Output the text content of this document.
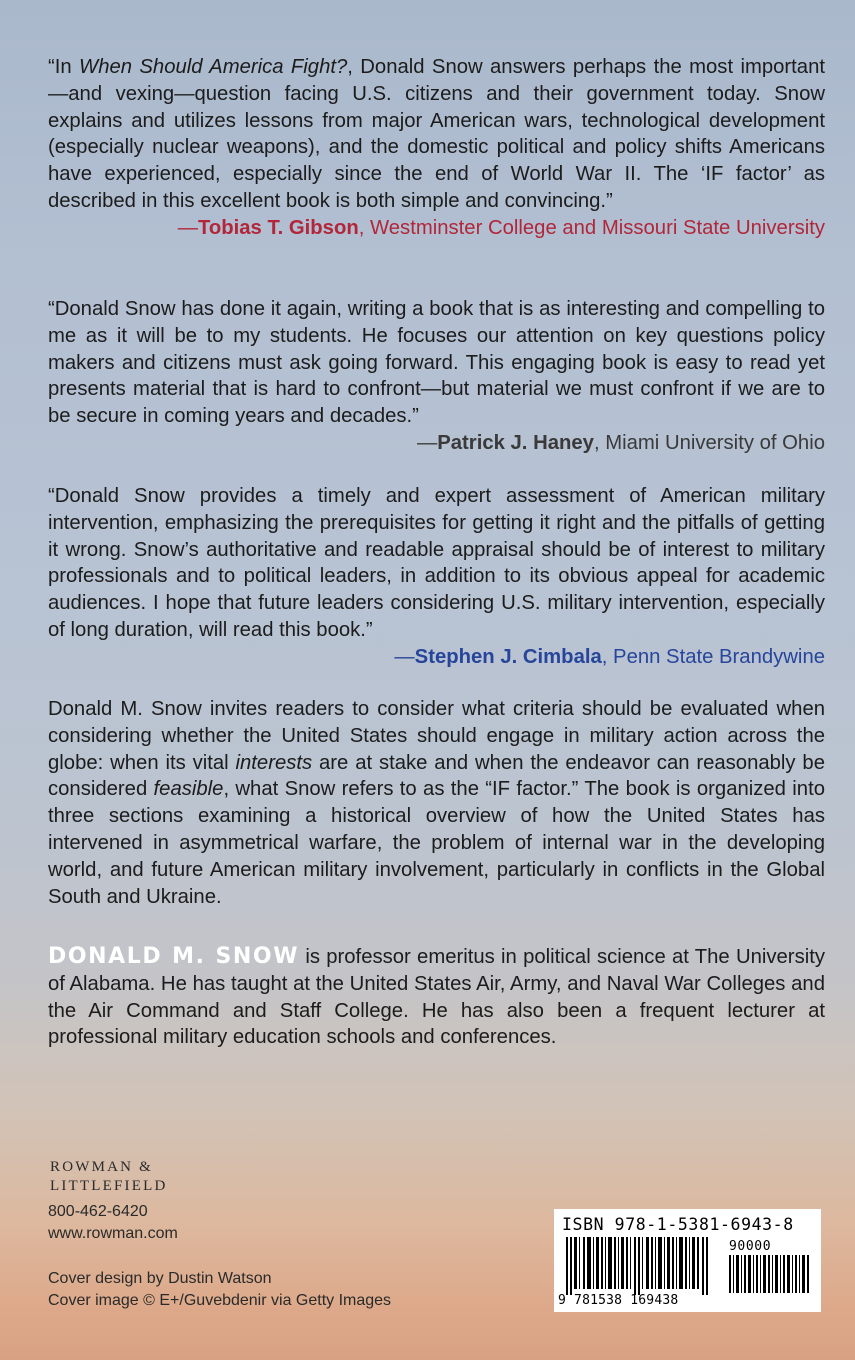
“In When Should America Fight?, Donald Snow answers perhaps the most important—and vexing—question facing U.S. citizens and their government today. Snow explains and utilizes lessons from major American wars, technological development (especially nuclear weapons), and the domestic political and policy shifts Americans have experienced, especially since the end of World War II. The ‘IF factor’ as described in this excellent book is both simple and convincing.”

—Tobias T. Gibson, Westminster College and Missouri State University

“Donald Snow has done it again, writing a book that is as interesting and compelling to me as it will be to my students. He focuses our attention on key questions policy makers and citizens must ask going forward. This engaging book is easy to read yet presents material that is hard to confront—but material we must confront if we are to be secure in coming years and decades.”

—Patrick J. Haney, Miami University of Ohio

“Donald Snow provides a timely and expert assessment of American military intervention, emphasizing the prerequisites for getting it right and the pitfalls of getting it wrong. Snow’s authoritative and readable appraisal should be of interest to military professionals and to political leaders, in addition to its obvious appeal for academic audiences. I hope that future leaders considering U.S. military intervention, especially of long duration, will read this book.”

—Stephen J. Cimbala, Penn State Brandywine

Donald M. Snow invites readers to consider what criteria should be evaluated when considering whether the United States should engage in military action across the globe: when its vital interests are at stake and when the endeavor can reasonably be considered feasible, what Snow refers to as the “IF factor.” The book is organized into three sections examining a historical overview of how the United States has intervened in asymmetrical warfare, the problem of internal war in the developing world, and future American military involvement, particularly in conflicts in the Global South and Ukraine.

DONALD M. SNOW is professor emeritus in political science at The University of Alabama. He has taught at the United States Air, Army, and Naval War Colleges and the Air Command and Staff College. He has also been a frequent lecturer at professional military education schools and conferences.

ROWMAN &
LITTLEFIELD
800-462-6420
www.rowman.com
Cover design by Dustin Watson
Cover image © E+/Guvebdenir via Getty Images
ISBN 978-1-5381-6943-8
90000
9 781538 169438
